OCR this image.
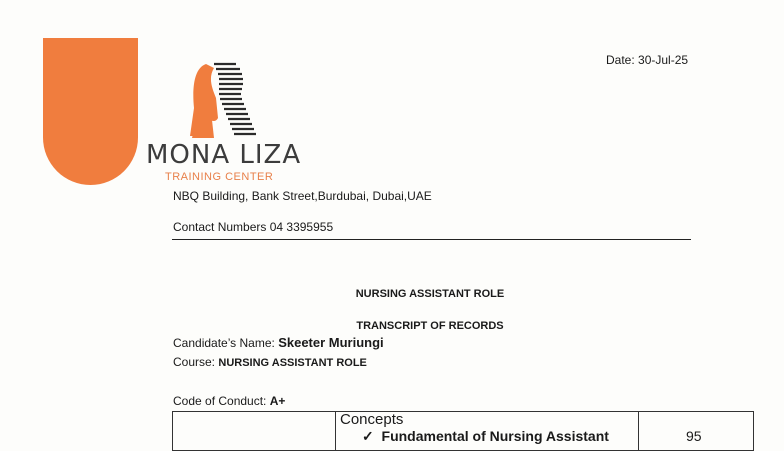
MONA LIZA
TRAINING CENTER
Date: 30-Jul-25
NBQ Building, Bank Street,Burdubai, Dubai,UAE
Contact Numbers 04 3395955
NURSING ASSISTANT ROLE
TRANSCRIPT OF RECORDS
Candidate’s Name: Skeeter Muriungi
Course: NURSING ASSISTANT ROLE
Code of Conduct: A+
Concepts
✓ Fundamental of Nursing Assistant	95
